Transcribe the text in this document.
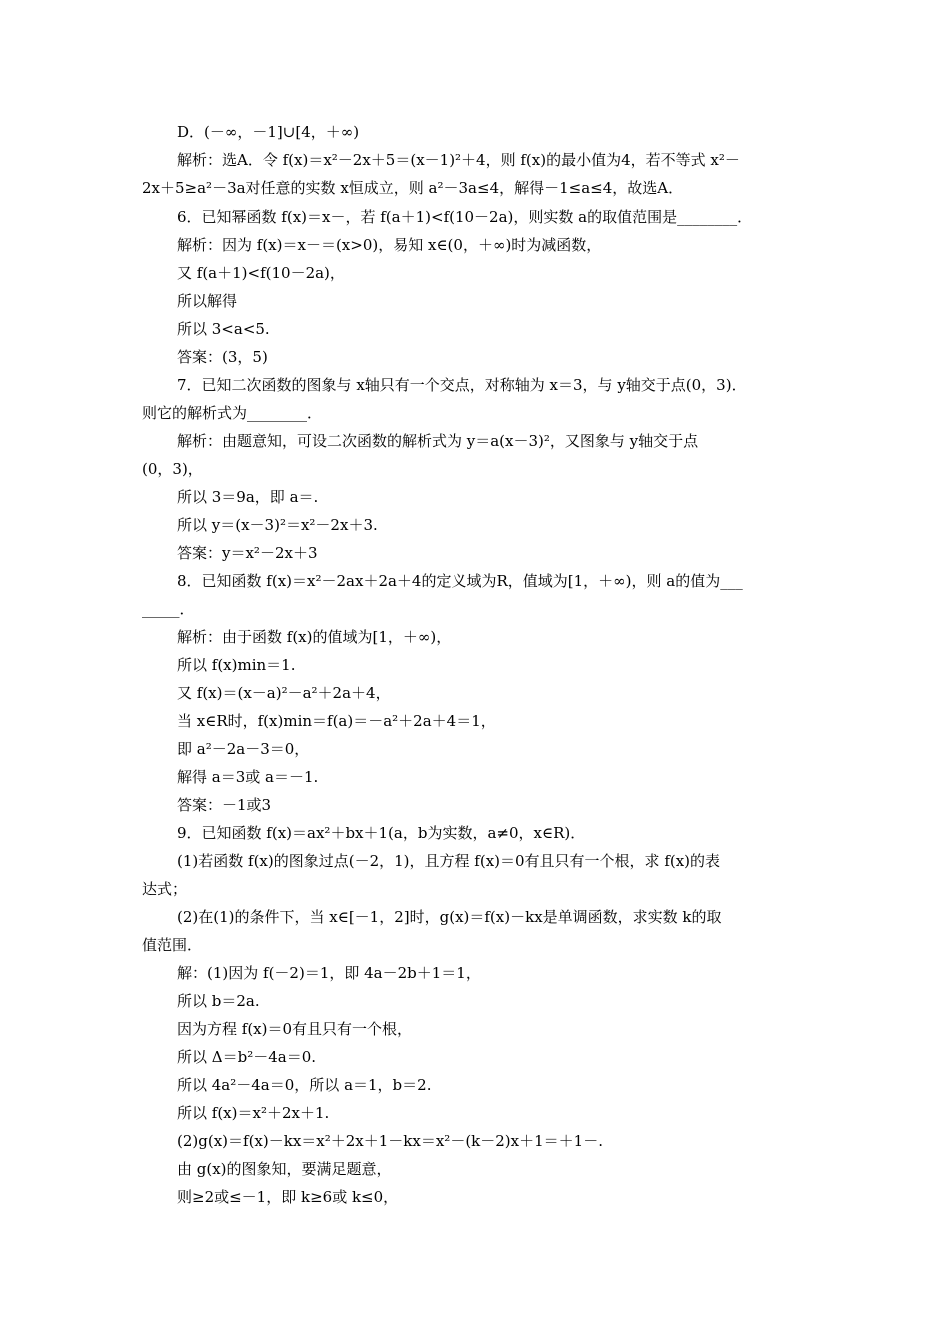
D．(－∞，－1]∪[4，＋∞)
解析：选A．令 f(x)＝x²－2x＋5＝(x－1)²＋4，则 f(x)的最小值为4，若不等式 x²－
2x＋5≥a²－3a对任意的实数 x恒成立，则 a²－3a≤4，解得－1≤a≤4，故选A．
6．已知幂函数 f(x)＝x－，若 f(a＋1)<f(10－2a)，则实数 a的取值范围是________．
解析：因为 f(x)＝x－＝(x>0)，易知 x∈(0，＋∞)时为减函数，
又 f(a＋1)<f(10－2a)，
所以解得
所以 3<a<5.
答案：(3，5)
7．已知二次函数的图象与 x轴只有一个交点，对称轴为 x＝3，与 y轴交于点(0，3)．
则它的解析式为________．
解析：由题意知，可设二次函数的解析式为 y＝a(x－3)²，又图象与 y轴交于点
(0，3)，
所以 3＝9a，即 a＝.
所以 y＝(x－3)²＝x²－2x＋3.
答案：y＝x²－2x＋3
8．已知函数 f(x)＝x²－2ax＋2a＋4的定义域为R，值域为[1，＋∞)，则 a的值为___
_____．
解析：由于函数 f(x)的值域为[1，＋∞)，
所以 f(x)min＝1.
又 f(x)＝(x－a)²－a²＋2a＋4，
当 x∈R时，f(x)min＝f(a)＝－a²＋2a＋4＝1，
即 a²－2a－3＝0，
解得 a＝3或 a＝－1.
答案：－1或3
9．已知函数 f(x)＝ax²＋bx＋1(a，b为实数，a≠0，x∈R)．
(1)若函数 f(x)的图象过点(－2，1)，且方程 f(x)＝0有且只有一个根，求 f(x)的表
达式；
(2)在(1)的条件下，当 x∈[－1，2]时，g(x)＝f(x)－kx是单调函数，求实数 k的取
值范围．
解：(1)因为 f(－2)＝1，即 4a－2b＋1＝1，
所以 b＝2a.
因为方程 f(x)＝0有且只有一个根，
所以 Δ＝b²－4a＝0.
所以 4a²－4a＝0，所以 a＝1，b＝2.
所以 f(x)＝x²＋2x＋1.
(2)g(x)＝f(x)－kx＝x²＋2x＋1－kx＝x²－(k－2)x＋1＝＋1－.
由 g(x)的图象知，要满足题意，
则≥2或≤－1，即 k≥6或 k≤0，
